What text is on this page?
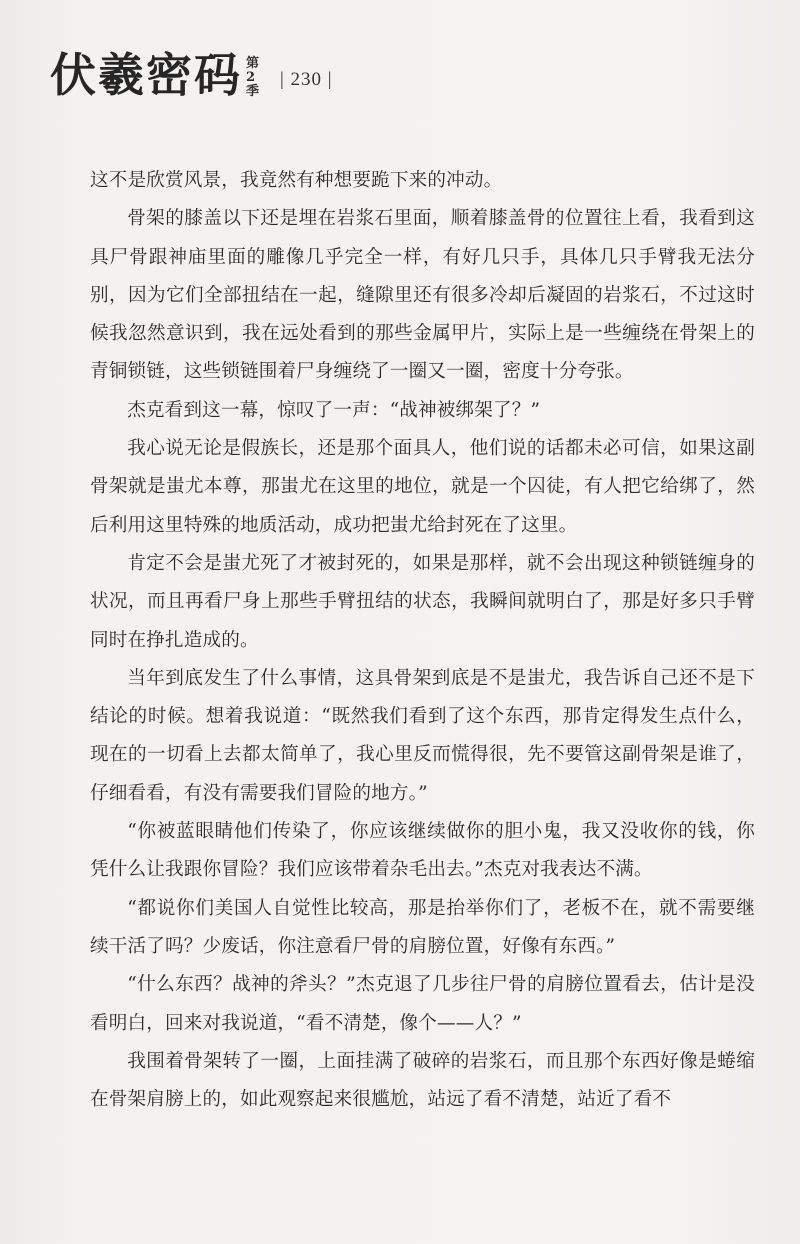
伏羲密码 第2季
| 230 |

这不是欣赏风景，我竟然有种想要跪下来的冲动。

骨架的膝盖以下还是埋在岩浆石里面，顺着膝盖骨的位置往上看，我看到这具尸骨跟神庙里面的雕像几乎完全一样，有好几只手，具体几只手臂我无法分别，因为它们全部扭结在一起，缝隙里还有很多冷却后凝固的岩浆石，不过这时候我忽然意识到，我在远处看到的那些金属甲片，实际上是一些缠绕在骨架上的青铜锁链，这些锁链围着尸身缠绕了一圈又一圈，密度十分夸张。

杰克看到这一幕，惊叹了一声：“战神被绑架了？”

我心说无论是假族长，还是那个面具人，他们说的话都未必可信，如果这副骨架就是蚩尤本尊，那蚩尤在这里的地位，就是一个囚徒，有人把它给绑了，然后利用这里特殊的地质活动，成功把蚩尤给封死在了这里。

肯定不会是蚩尤死了才被封死的，如果是那样，就不会出现这种锁链缠身的状况，而且再看尸身上那些手臂扭结的状态，我瞬间就明白了，那是好多只手臂同时在挣扎造成的。

当年到底发生了什么事情，这具骨架到底是不是蚩尤，我告诉自己还不是下结论的时候。想着我说道：“既然我们看到了这个东西，那肯定得发生点什么，现在的一切看上去都太简单了，我心里反而慌得很，先不要管这副骨架是谁了，仔细看看，有没有需要我们冒险的地方。”

“你被蓝眼睛他们传染了，你应该继续做你的胆小鬼，我又没收你的钱，你凭什么让我跟你冒险？我们应该带着杂毛出去。”杰克对我表达不满。

“都说你们美国人自觉性比较高，那是抬举你们了，老板不在，就不需要继续干活了吗？少废话，你注意看尸骨的肩膀位置，好像有东西。”

“什么东西？战神的斧头？”杰克退了几步往尸骨的肩膀位置看去，估计是没看明白，回来对我说道，“看不清楚，像个——人？”

我围着骨架转了一圈，上面挂满了破碎的岩浆石，而且那个东西好像是蜷缩在骨架肩膀上的，如此观察起来很尴尬，站远了看不清楚，站近了看不
